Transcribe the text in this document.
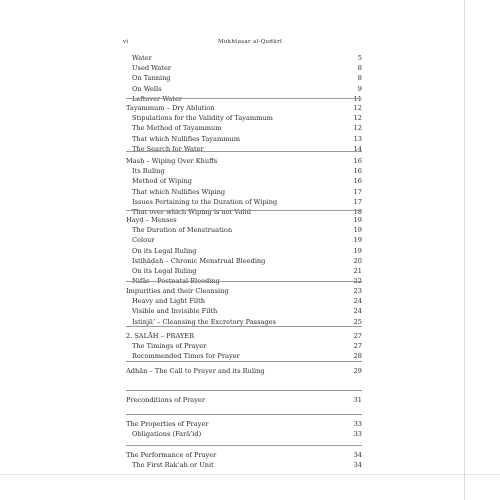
vi	Mukhtaṣar al-Qudūrī
Water	5
Used Water	8
On Tanning	8
On Wells	9
Leftover Water	11
Tayammum – Dry Ablution	12
Stipulations for the Validity of Tayammum	12
The Method of Tayammum	12
That which Nullifies Tayammum	13
The Search for Water	14
Masḥ – Wiping Over Khuffs	16
Its Ruling	16
Method of Wiping	16
That which Nullifies Wiping	17
Issues Pertaining to the Duration of Wiping	17
That over which Wiping is not Valid	18
Ḥayḍ – Menses	19
The Duration of Menstruation	19
Colour	19
On its Legal Ruling	19
Istiḥāḍah – Chronic Menstrual Bleeding	20
On its Legal Ruling	21
Nifās – Postnatal Bleeding	22
Impurities and their Cleansing	23
Heavy and Light Filth	24
Visible and Invisible Filth	24
Istinjā’ – Cleansing the Excretory Passages	25
2. ṢALĀH – PRAYER	27
The Timings of Prayer	27
Recommended Times for Prayer	28
Adhān – The Call to Prayer and its Ruling	29
Preconditions of Prayer	31
The Properties of Prayer	33
Obligations (Farā’iḍ)	33
The Performance of Prayer	34
The First Rak‘ah or Unit	34
